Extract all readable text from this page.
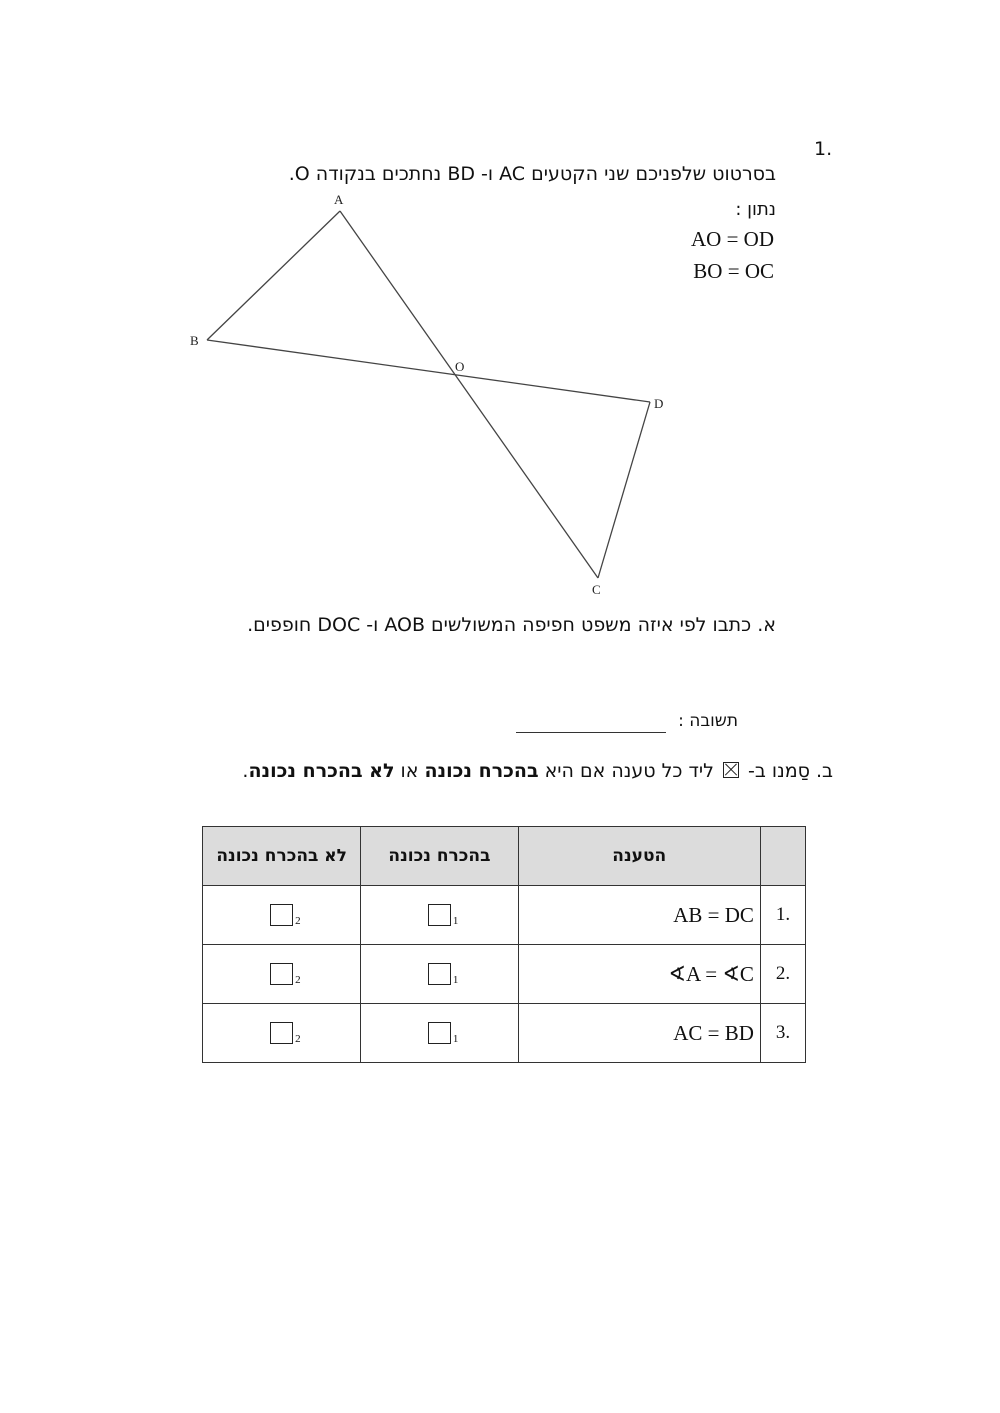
1.
בסרטוט שלפניכם שני הקטעים AC ו- BD נחתכים בנקודה O.
נתון :
AO = OD
BO = OC
A
B
C
D
O
א. כתבו לפי איזה משפט חפיפה המשולשים AOB ו- DOC חופפים.
תשובה :
ב. סַמנו ב-  ליד כל טענה אם היא בהכרח נכונה או לא בהכרח נכונה.
	הטענה	בהכרח נכונה	לא בהכרח נכונה
.1	AB = DC	1	2

.2	∢A = ∢C	1	2

.3	AC = BD	1	2
